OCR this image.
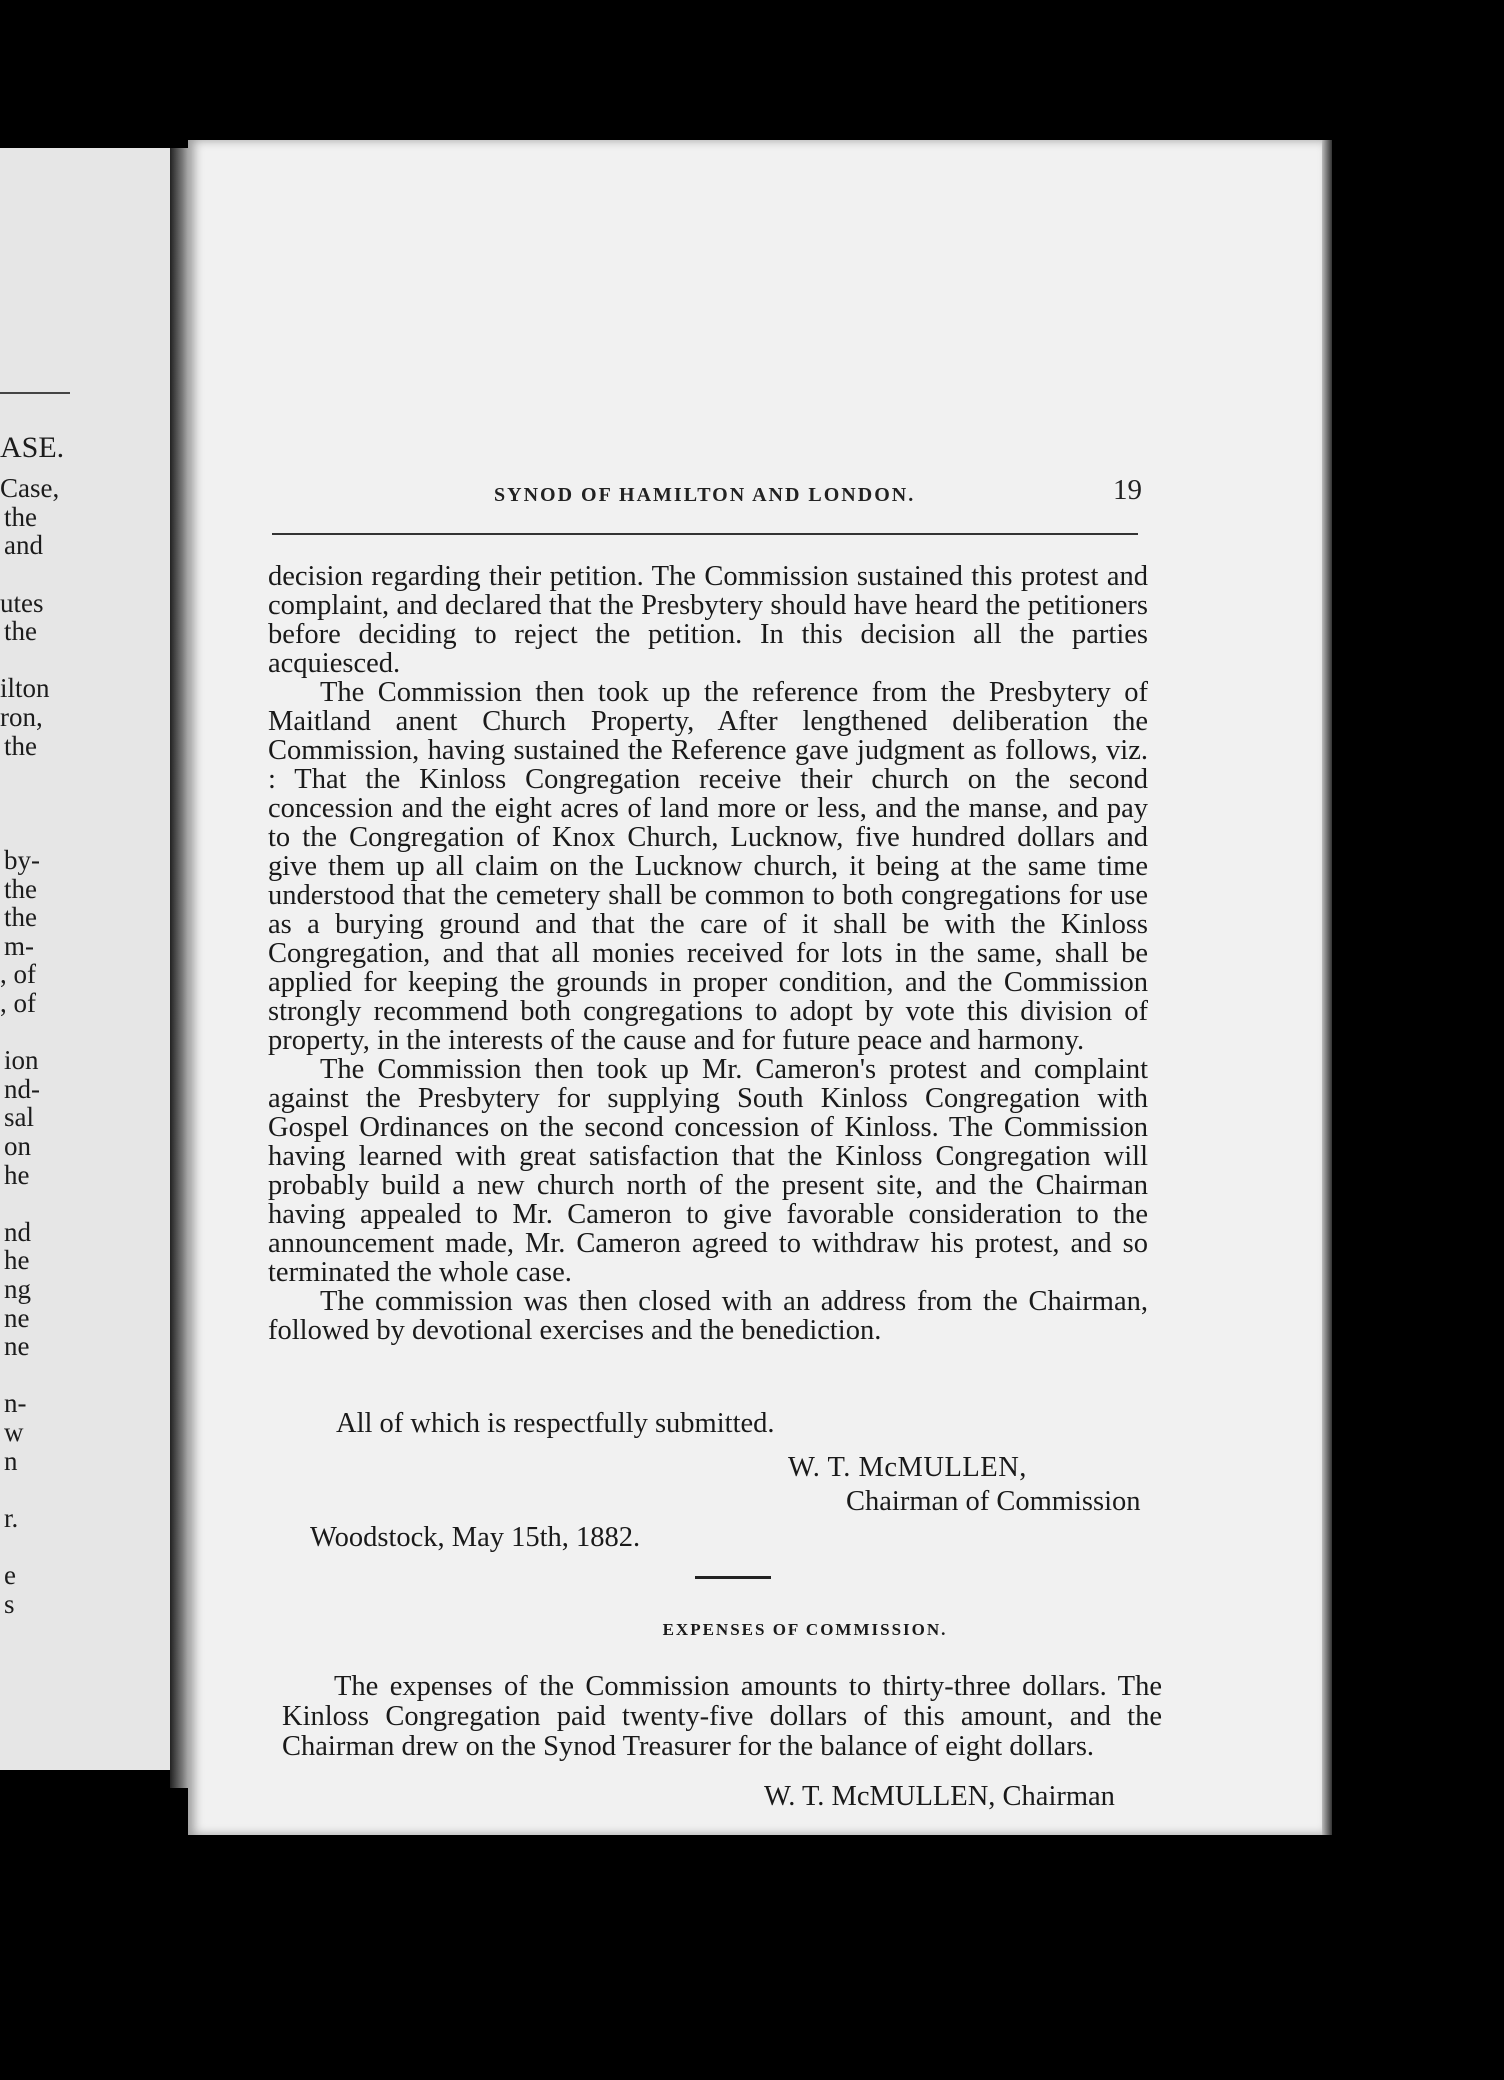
ASE.
Case,
the
and
utes
the
ilton
ron,
the
by-
the
the
m-
, of
, of
ion
nd-
sal
on
he
nd
he
ng
ne
ne
n-
w
n
r.
e
s
SYNOD OF HAMILTON AND LONDON.	19

decision regarding their petition. The Commission sustained this protest and complaint, and declared that the Presbytery should have heard the petitioners before deciding to reject the petition. In this decision all the parties acquiesced.

The Commission then took up the reference from the Presbytery of Maitland anent Church Property, After lengthened deliberation the Commission, having sustained the Reference gave judgment as follows, viz. : That the Kinloss Congregation receive their church on the second concession and the eight acres of land more or less, and the manse, and pay to the Congregation of Knox Church, Lucknow, five hundred dollars and give them up all claim on the Lucknow church, it being at the same time understood that the cemetery shall be common to both congregations for use as a burying ground and that the care of it shall be with the Kinloss Congregation, and that all monies received for lots in the same, shall be applied for keeping the grounds in proper condition, and the Commission strongly recommend both congregations to adopt by vote this division of property, in the interests of the cause and for future peace and harmony.

The Commission then took up Mr. Cameron's protest and complaint against the Presbytery for supplying South Kinloss Congregation with Gospel Ordinances on the second concession of Kinloss. The Commission having learned with great satisfaction that the Kinloss Congregation will probably build a new church north of the present site, and the Chairman having appealed to Mr. Cameron to give favorable consideration to the announcement made, Mr. Cameron agreed to withdraw his protest, and so terminated the whole case.

The commission was then closed with an address from the Chairman, followed by devotional exercises and the benediction.

All of which is respectfully submitted.
W. T. McMULLEN,
Chairman of Commission
Woodstock, May 15th, 1882.
EXPENSES OF COMMISSION.

The expenses of the Commission amounts to thirty-three dollars. The Kinloss Congregation paid twenty-five dollars of this amount, and the Chairman drew on the Synod Treasurer for the balance of eight dollars.

W. T. McMULLEN, Chairman
